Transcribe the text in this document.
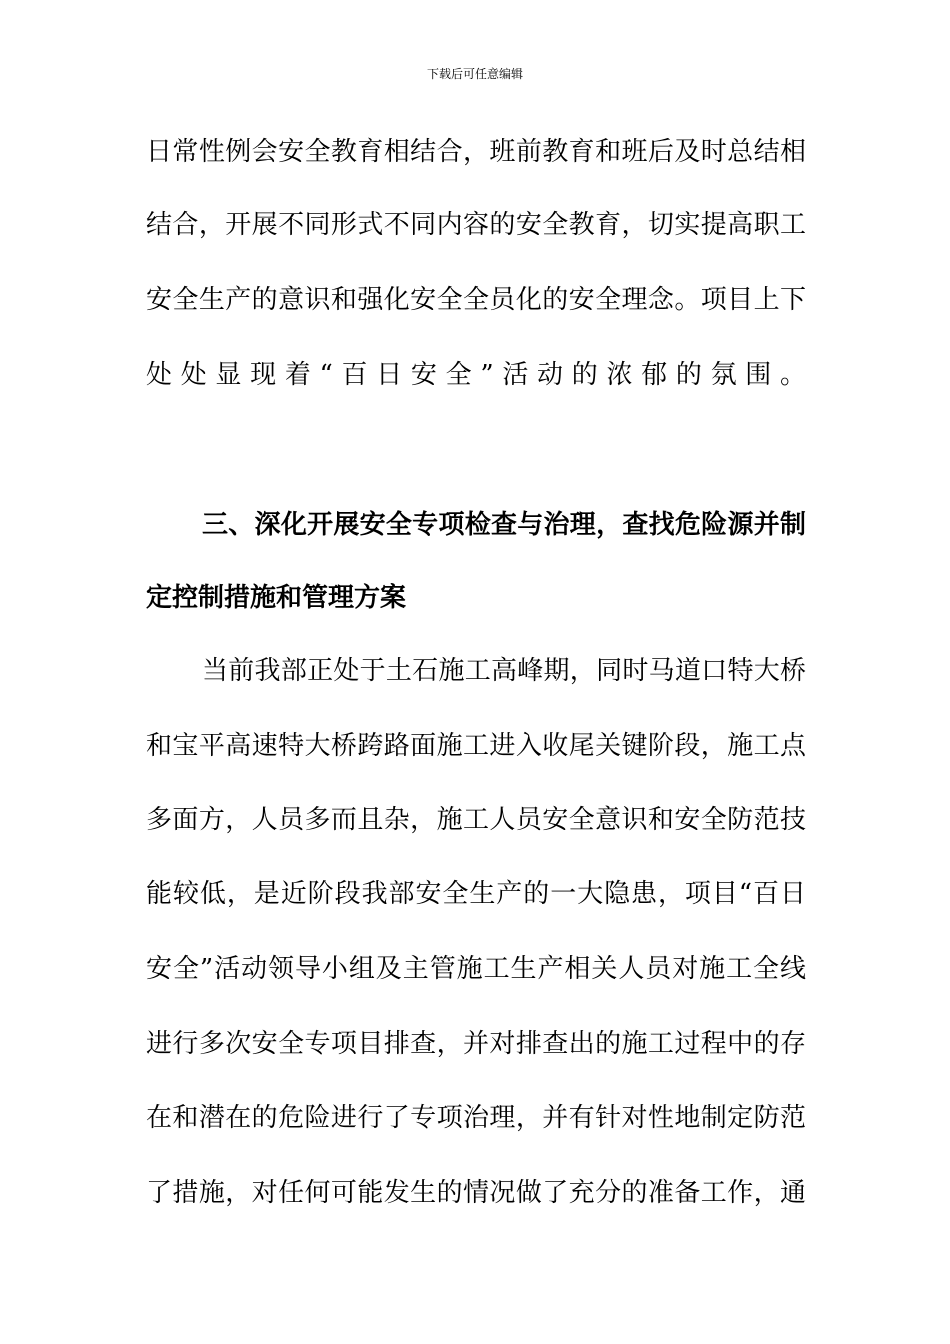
下载后可任意编辑
日常性例会安全教育相结合，班前教育和班后及时总结相
结合，开展不同形式不同内容的安全教育，切实提高职工
安全生产的意识和强化安全全员化的安全理念。项目上下
处处显现着“百日安全”活动的浓郁的氛围。
三、深化开展安全专项检查与治理，查找危险源并制
定控制措施和管理方案
当前我部正处于土石施工高峰期，同时马道口特大桥
和宝平高速特大桥跨路面施工进入收尾关键阶段，施工点
多面方，人员多而且杂，施工人员安全意识和安全防范技
能较低，是近阶段我部安全生产的一大隐患，项目“百日
安全”活动领导小组及主管施工生产相关人员对施工全线
进行多次安全专项目排查，并对排查出的施工过程中的存
在和潜在的危险进行了专项治理，并有针对性地制定防范
了措施，对任何可能发生的情况做了充分的准备工作，通
